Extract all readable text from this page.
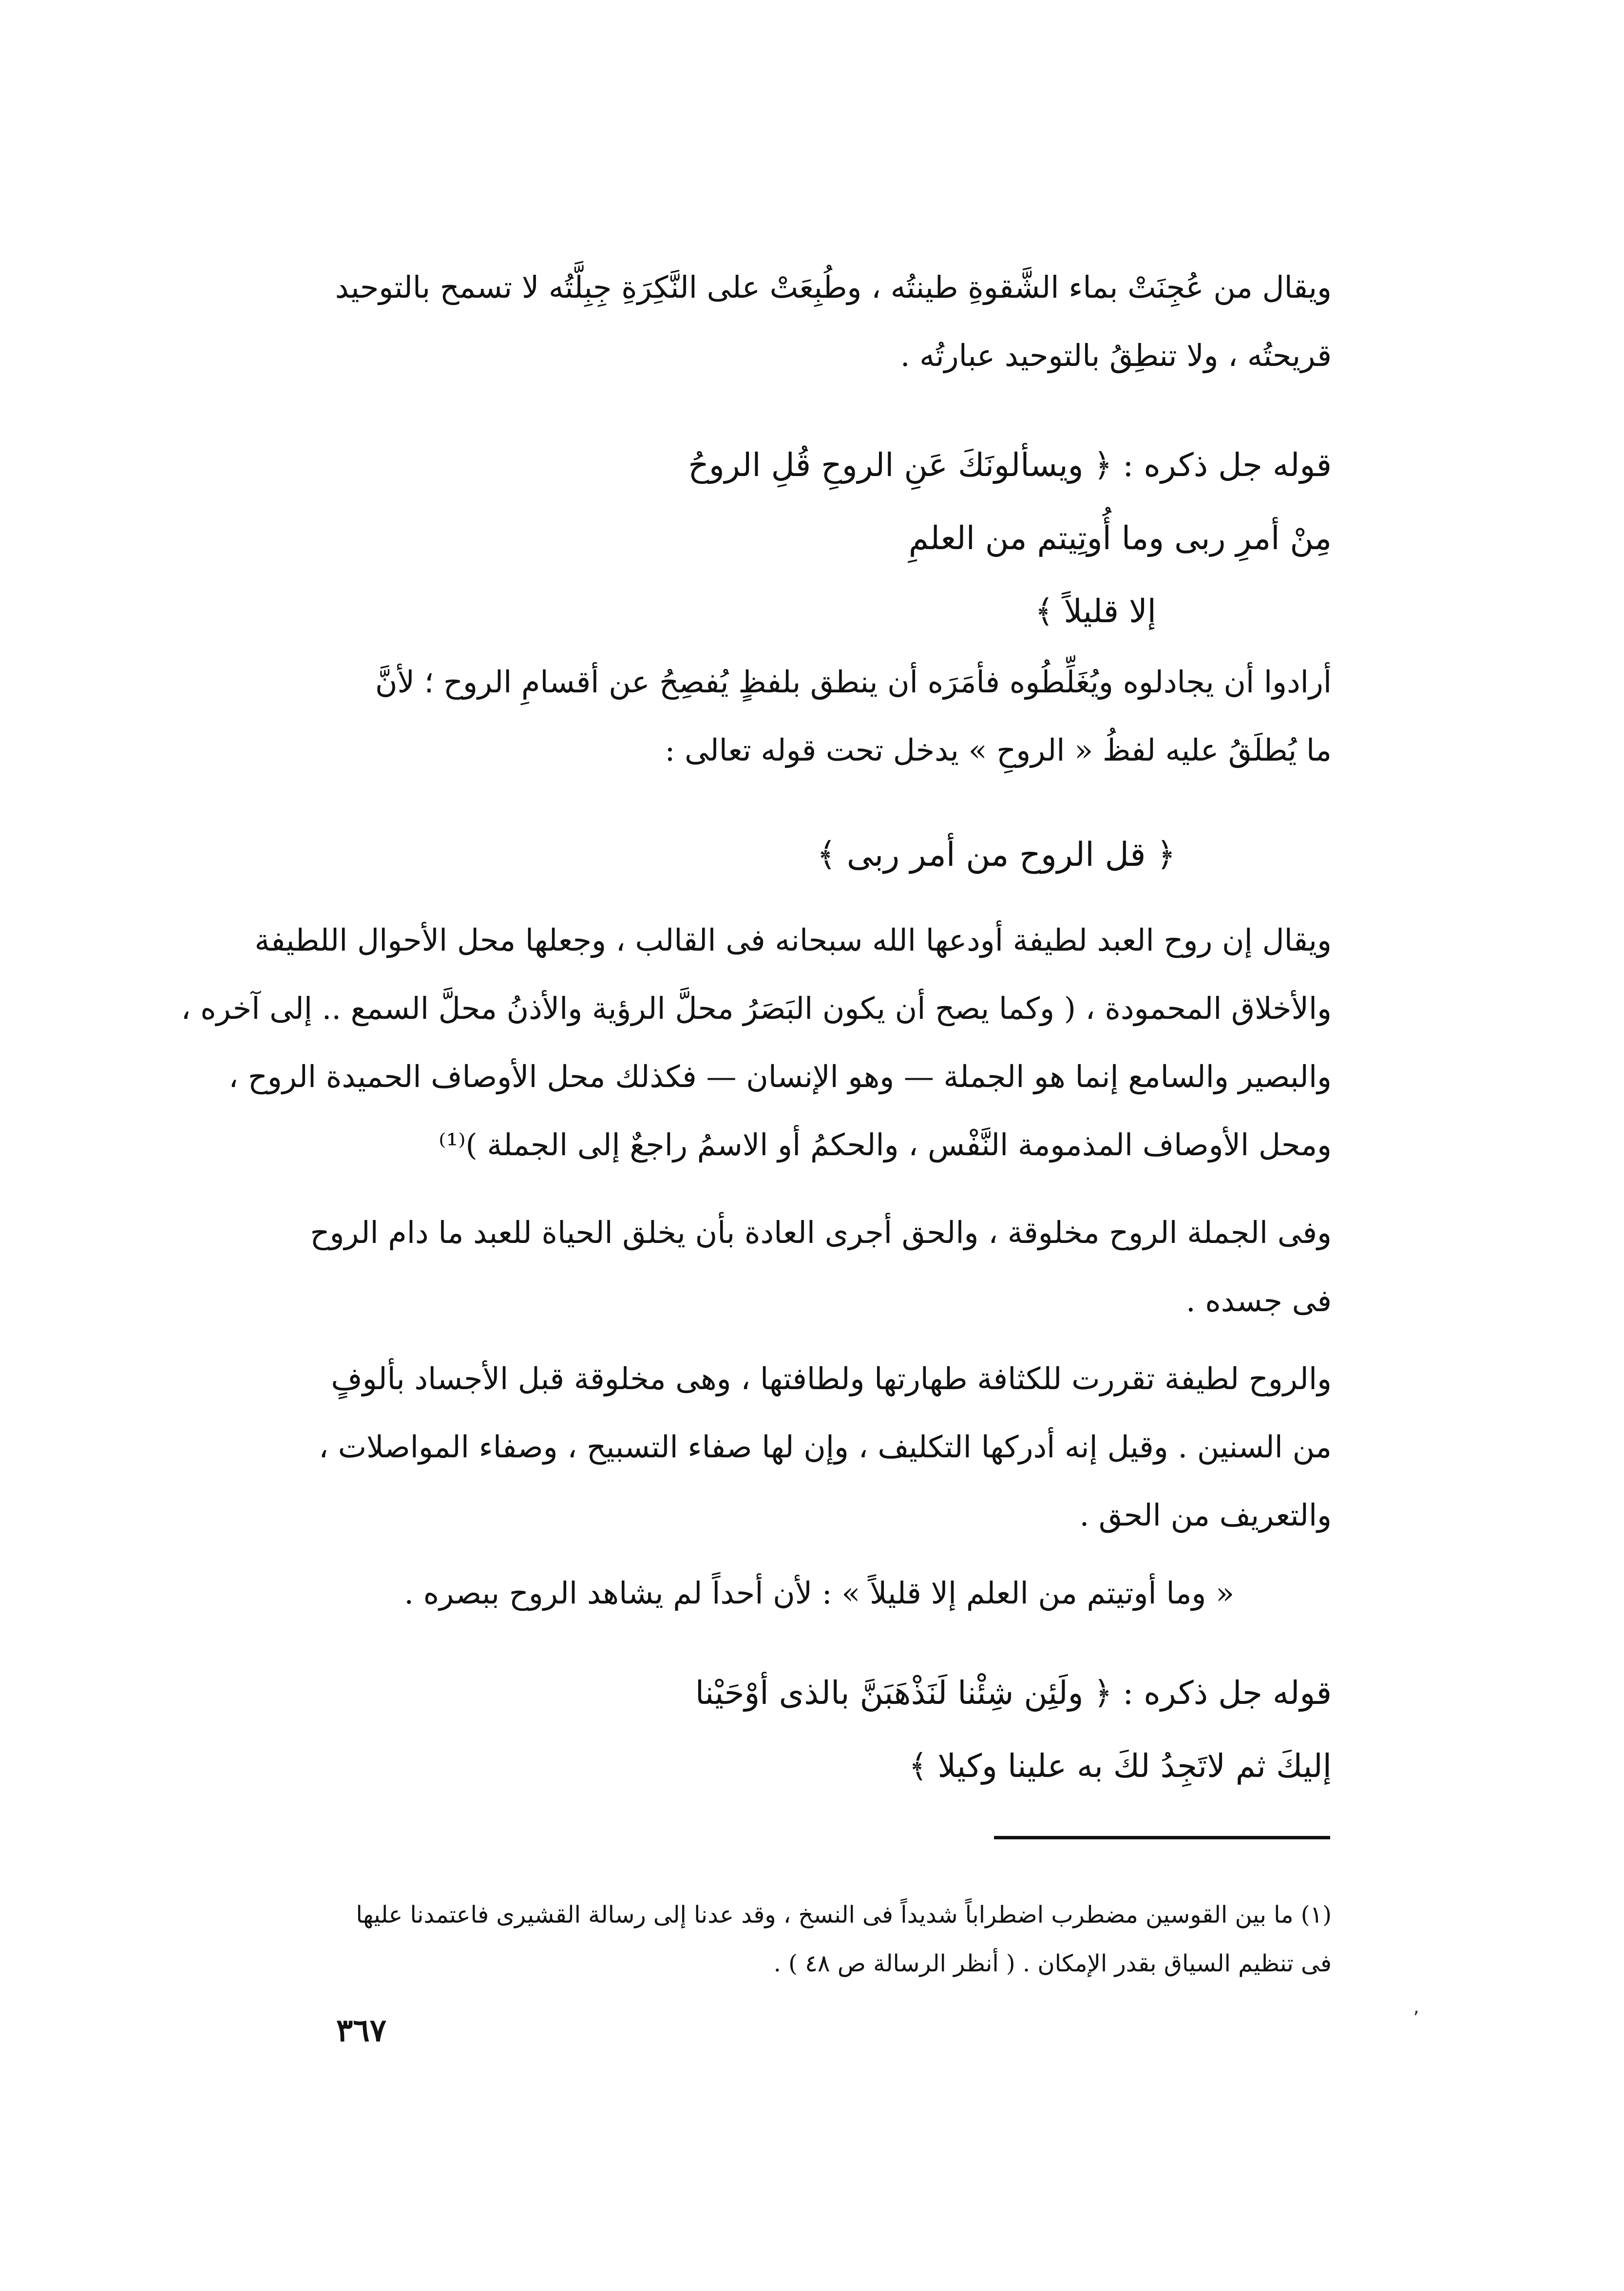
ويقال من عُجِنَتْ بماء الشَّقوةِ طينتُه ، وطُبِعَتْ على النَّكِرَةِ جِبِلَّتُه لا تسمح بالتوحيد
قريحتُه ، ولا تنطِقُ بالتوحيد عبارتُه .
قوله جل ذكره : ﴿ ويسألونَكَ عَنِ الروحِ قُلِ الروحُ
مِنْ أمرِ ربى وما أُوتِيتم من العلمِ
إلا قليلاً ﴾
أرادوا أن يجادلوه ويُغَلِّطُوه فأمَرَه أن ينطق بلفظٍ يُفصِحُ عن أقسامِ الروح ؛ لأنَّ
ما يُطلَقُ عليه لفظُ « الروحِ » يدخل تحت قوله تعالى :
﴿ قل الروح من أمر ربى ﴾
ويقال إن روح العبد لطيفة أودعها الله سبحانه فى القالب ، وجعلها محل الأحوال اللطيفة
والأخلاق المحمودة ، ( وكما يصح أن يكون البَصَرُ محلَّ الرؤية والأذنُ محلَّ السمع .. إلى آخره ،
والبصير والسامع إنما هو الجملة — وهو الإنسان — فكذلك محل الأوصاف الحميدة الروح ،
ومحل الأوصاف المذمومة النَّفْس ، والحكمُ أو الاسمُ راجعٌ إلى الجملة )⁽¹⁾
وفى الجملة الروح مخلوقة ، والحق أجرى العادة بأن يخلق الحياة للعبد ما دام الروح
فى جسده .
والروح لطيفة تقررت للكثافة طهارتها ولطافتها ، وهى مخلوقة قبل الأجساد بألوفٍ
من السنين . وقيل إنه أدركها التكليف ، وإن لها صفاء التسبيح ، وصفاء المواصلات ،
والتعريف من الحق .
« وما أوتيتم من العلم إلا قليلاً » : لأن أحداً لم يشاهد الروح ببصره .
قوله جل ذكره : ﴿ ولَئِن شِئْنا لَنَذْهَبَنَّ بالذى أوْحَيْنا
إليكَ ثم لاتَجِدُ لكَ به علينا وكيلا ﴾
(١) ما بين القوسين مضطرب اضطراباً شديداً فى النسخ ، وقد عدنا إلى رسالة القشيرى فاعتمدنا عليها
فى تنظيم السياق بقدر الإمكان . ( أنظر الرسالة ص ٤٨ ) .
٣٦٧	٬
